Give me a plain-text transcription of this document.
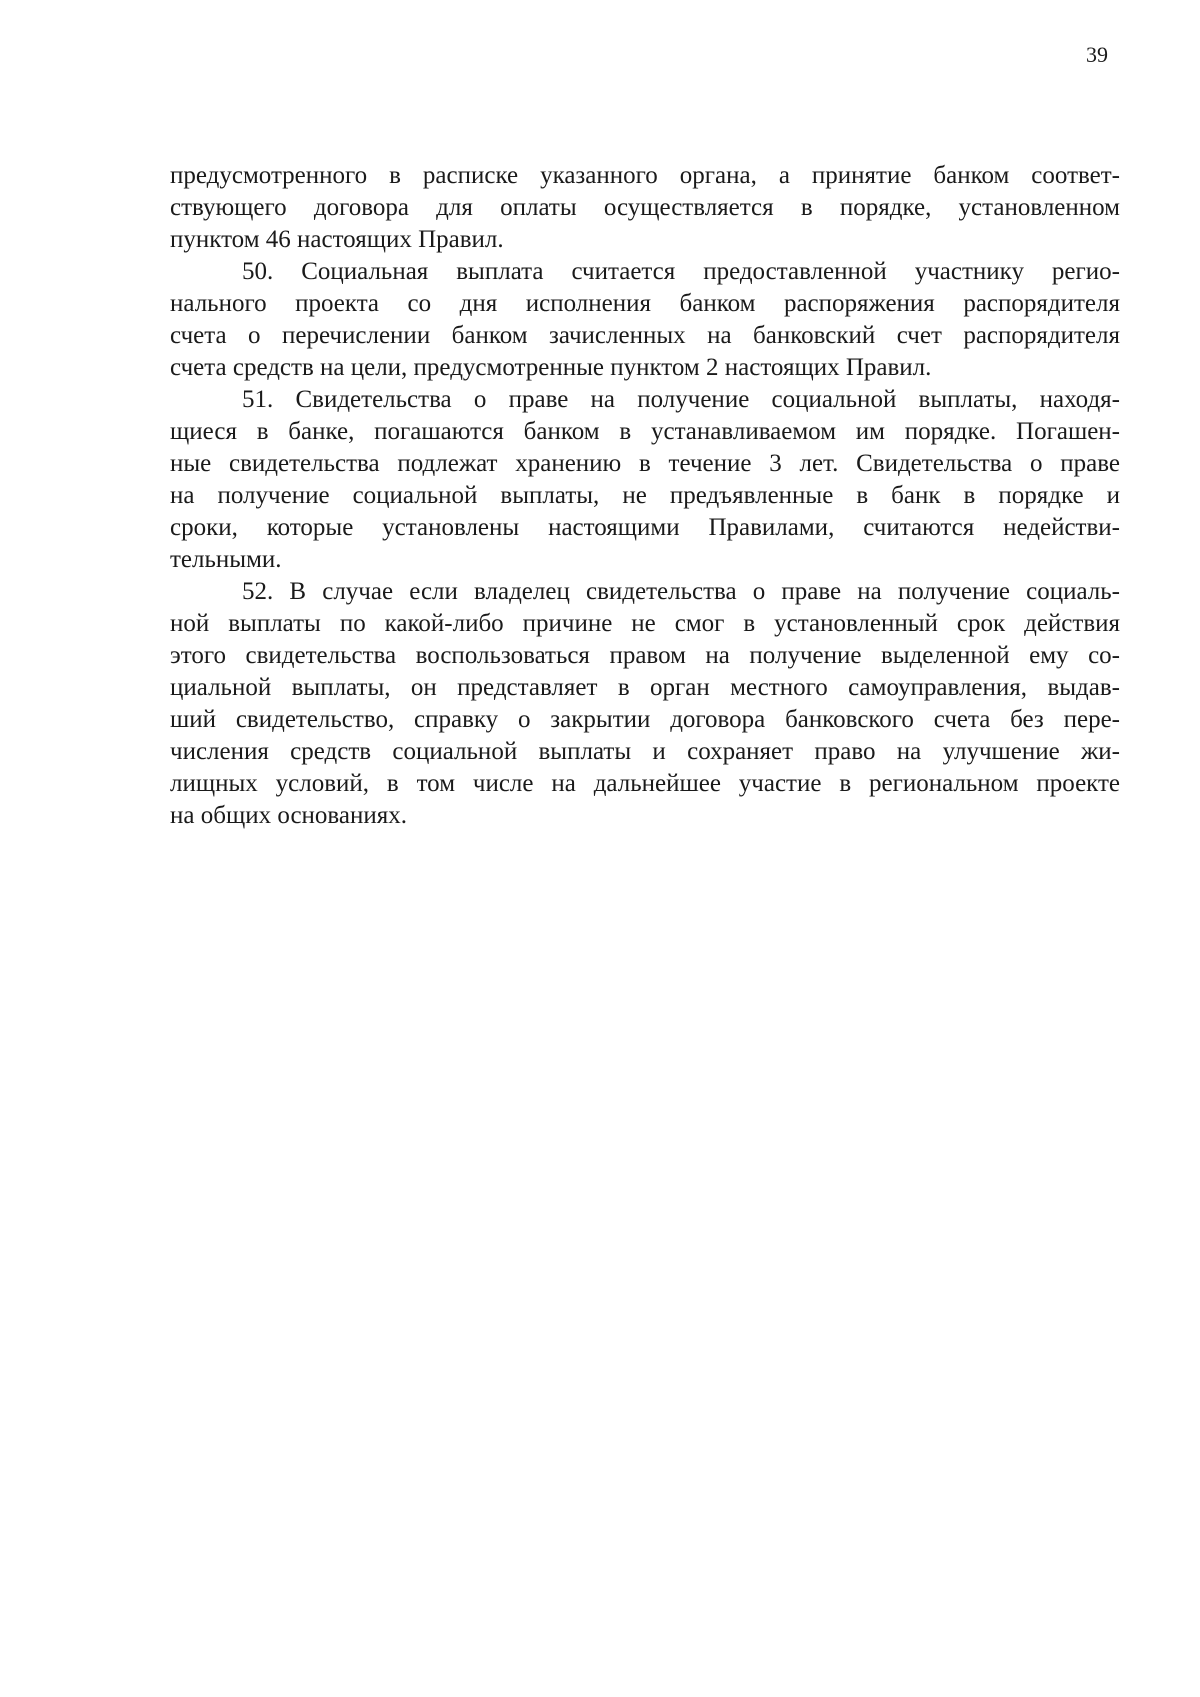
39
предусмотренного в расписке указанного органа, а принятие банком соответ-
ствующего договора для оплаты осуществляется в порядке, установленном
пунктом 46 настоящих Правил.
50. Социальная выплата считается предоставленной участнику регио-
нального проекта со дня исполнения банком распоряжения распорядителя
счета о перечислении банком зачисленных на банковский счет распорядителя
счета средств на цели, предусмотренные пунктом 2 настоящих Правил.
51. Свидетельства о праве на получение социальной выплаты, находя-
щиеся в банке, погашаются банком в устанавливаемом им порядке. Погашен-
ные свидетельства подлежат хранению в течение 3 лет. Свидетельства о праве
на получение социальной выплаты, не предъявленные в банк в порядке и
сроки, которые установлены настоящими Правилами, считаются недействи-
тельными.
52. В случае если владелец свидетельства о праве на получение социаль-
ной выплаты по какой-либо причине не смог в установленный срок действия
этого свидетельства воспользоваться правом на получение выделенной ему со-
циальной выплаты, он представляет в орган местного самоуправления, выдав-
ший свидетельство, справку о закрытии договора банковского счета без пере-
числения средств социальной выплаты и сохраняет право на улучшение жи-
лищных условий, в том числе на дальнейшее участие в региональном проекте
на общих основаниях.
